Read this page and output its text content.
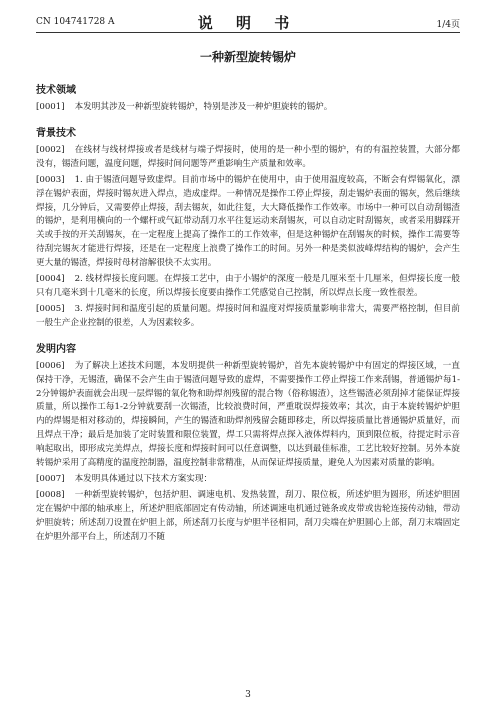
CN 104741728 A	说 明 书	1/4页
一种新型旋转锡炉
技术领域

[0001] 本发明其涉及一种新型旋转锡炉，特别是涉及一种炉胆旋转的锡炉。

背景技术

[0002] 在线材与线材焊接或者是线材与端子焊接时，使用的是一种小型的锡炉，有的有温控装置，大部分都没有，锡渣问题，温度问题，焊接时间问题等严重影响生产质量和效率。

[0003] 1. 由于锡渣问题导致虚焊。目前市场中的锡炉在使用中，由于使用温度较高，不断会有焊锡氧化，漂浮在锡炉表面，焊接时锡灰进入焊点，造成虚焊。一种情况是操作工停止焊接，刮走锡炉表面的锡灰，然后继续焊接，几分钟后，又需要停止焊接，刮去锡灰，如此往复，大大降低操作工作效率。市场中一种可以自动刮锡渣的锡炉，是利用横向的一个螺杆或气缸带动刮刀水平往复运动来刮锡灰，可以自动定时刮锡灰，或者采用脚踩开关或手按的开关刮锡灰，在一定程度上提高了操作工的工作效率，但是这种锡炉在刮锡灰的时候，操作工需要等待刮完锡灰才能进行焊接，还是在一定程度上浪费了操作工的时间。另外一种是类似波峰焊结构的锡炉，会产生更大量的锡渣，焊接时母材溶解很快不太实用。

[0004] 2. 线材焊接长度问题。在焊接工艺中，由于小锡炉的深度一般是几厘米至十几厘米，但焊接长度一般只有几毫米到十几毫米的长度，所以焊接长度要由操作工凭感觉自己控制，所以焊点长度一致性很差。

[0005] 3. 焊接时间和温度引起的质量问题。焊接时间和温度对焊接质量影响非常大，需要严格控制，但目前一般生产企业控制的很差，人为因素较多。

发明内容

[0006] 为了解决上述技术问题，本发明提供一种新型旋转锡炉，首先本旋转锡炉中有固定的焊接区域，一直保持干净，无锡渣，确保不会产生由于锡渣问题导致的虚焊，不需要操作工停止焊接工作来刮锡，普通锡炉每1-2分钟锡炉表面就会出现一层焊锡的氧化物和助焊剂残留的混合物（俗称锡渣），这些锡渣必须刮掉才能保证焊接质量，所以操作工每1-2分钟就要刮一次锡渣，比较浪费时间，严重耽误焊接效率；其次，由于本旋转锡炉炉胆内的焊锡是相对移动的，焊接瞬间，产生的锡渣和助焊剂残留会随即移走，所以焊接质量比普通锡炉质量好，而且焊点干净；最后是加装了定时装置和限位装置，焊工只需将焊点探入液体焊料内，顶到限位板，待提定时示音响起取出，即形成完美焊点，焊接长度和焊接时间可以任意调整，以达到最佳标准，工艺比较好控制。另外本旋转锡炉采用了高精度的温度控制器，温度控制非常精准，从而保证焊接质量，避免人为因素对质量的影响。

[0007] 本发明具体通过以下技术方案实现：

[0008] 一种新型旋转锡炉，包括炉胆、调速电机、发热装置，刮刀、限位板，所述炉胆为圆形，所述炉胆固定在锡炉中部的轴承座上，所述炉胆底部固定有传动轴，所述调速电机通过链条或皮带或齿轮连接传动轴，带动炉胆旋转；所述刮刀设置在炉胆上部，所述刮刀长度与炉胆半径相同，刮刀尖端在炉胆圆心上部，刮刀末端固定在炉胆外部平台上，所述刮刀不随

3
